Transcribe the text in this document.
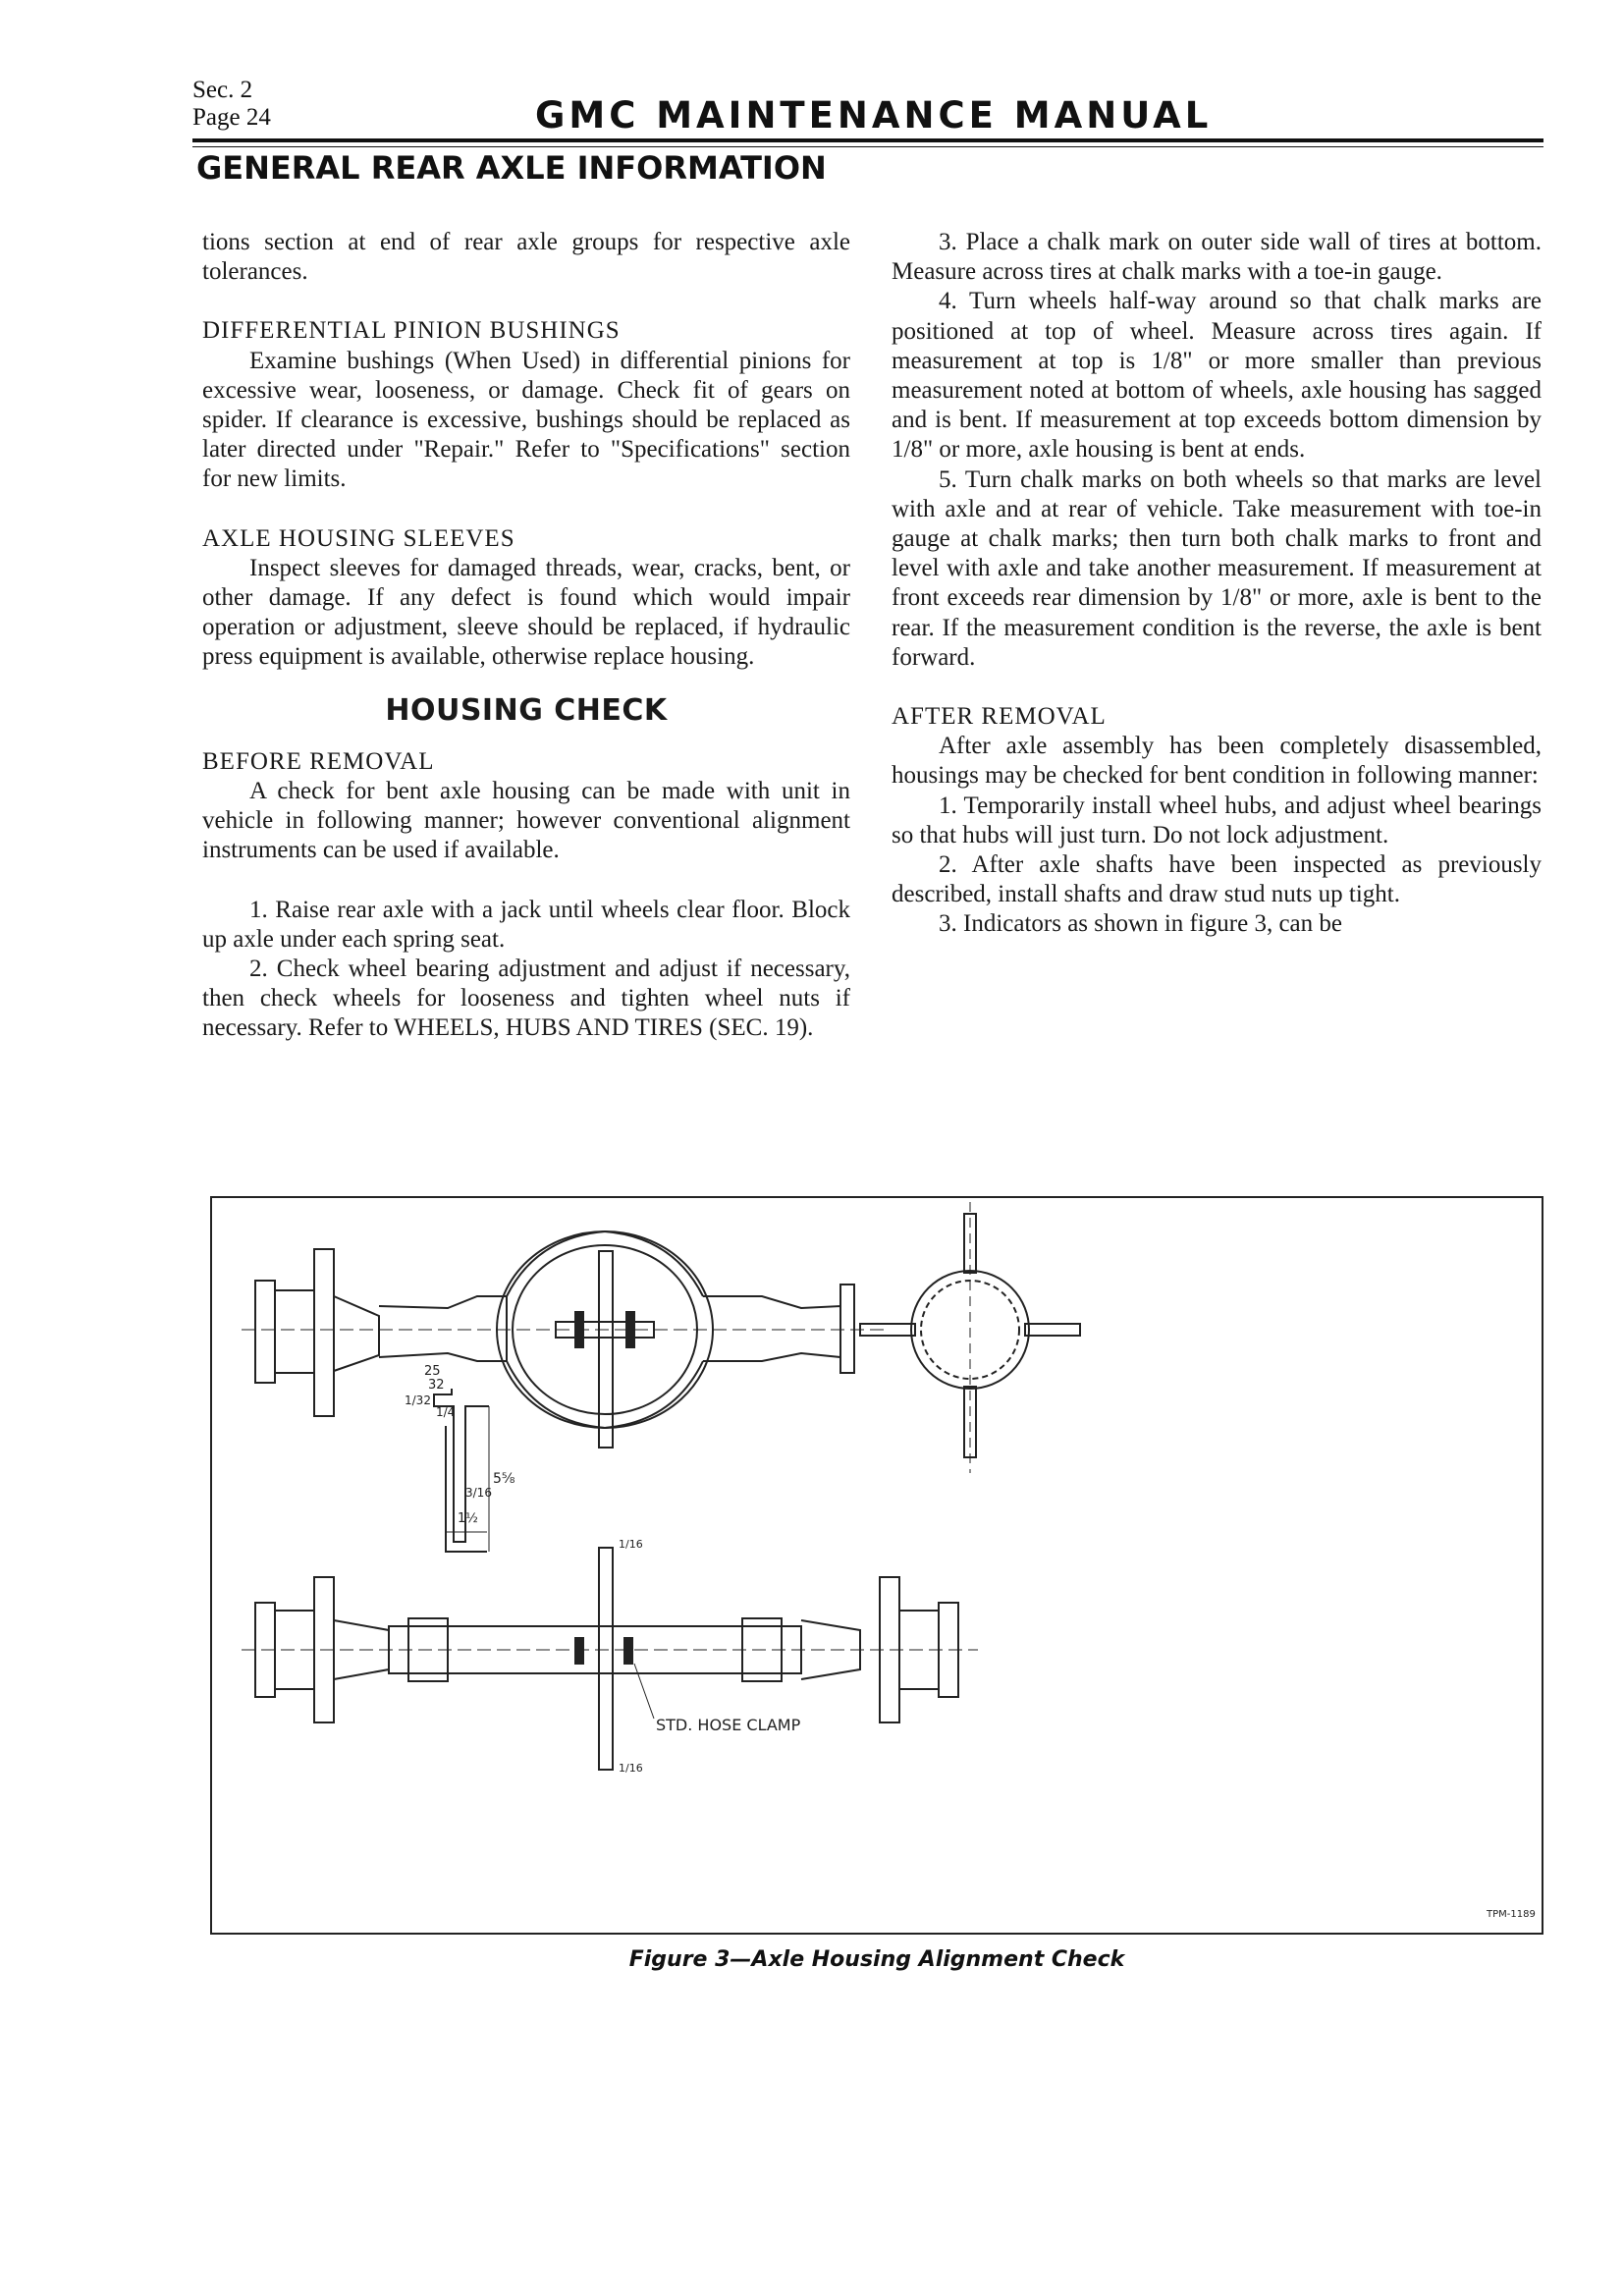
Sec. 2
Page 24	GMC MAINTENANCE MANUAL
GENERAL REAR AXLE INFORMATION

tions section at end of rear axle groups for respective axle tolerances.

DIFFERENTIAL PINION BUSHINGS

Examine bushings (When Used) in differential pinions for excessive wear, looseness, or damage. Check fit of gears on spider. If clearance is excessive, bushings should be replaced as later directed under "Repair." Refer to "Specifications" section for new limits.

AXLE HOUSING SLEEVES

Inspect sleeves for damaged threads, wear, cracks, bent, or other damage. If any defect is found which would impair operation or adjustment, sleeve should be replaced, if hydraulic press equipment is available, otherwise replace housing.

HOUSING CHECK

BEFORE REMOVAL

A check for bent axle housing can be made with unit in vehicle in following manner; however conventional alignment instruments can be used if available.

1. Raise rear axle with a jack until wheels clear floor. Block up axle under each spring seat.

2. Check wheel bearing adjustment and adjust if necessary, then check wheels for looseness and tighten wheel nuts if necessary. Refer to WHEELS, HUBS AND TIRES (SEC. 19).

3. Place a chalk mark on outer side wall of tires at bottom. Measure across tires at chalk marks with a toe-in gauge.

4. Turn wheels half-way around so that chalk marks are positioned at top of wheel. Measure across tires again. If measurement at top is 1/8" or more smaller than previous measurement noted at bottom of wheels, axle housing has sagged and is bent. If measurement at top exceeds bottom dimension by 1/8" or more, axle housing is bent at ends.

5. Turn chalk marks on both wheels so that marks are level with axle and at rear of vehicle. Take measurement with toe-in gauge at chalk marks; then turn both chalk marks to front and level with axle and take another measurement. If measurement at front exceeds rear dimension by 1/8" or more, axle is bent to the rear. If the measurement condition is the reverse, the axle is bent forward.

AFTER REMOVAL

After axle assembly has been completely disassembled, housings may be checked for bent condition in following manner:

1. Temporarily install wheel hubs, and adjust wheel bearings so that hubs will just turn. Do not lock adjustment.

2. After axle shafts have been inspected as previously described, install shafts and draw stud nuts up tight.

3. Indicators as shown in figure 3, can be

25
32
1/32
1/4
3/16
5⅝
1½
STD. HOSE CLAMP
1/16
1/16
TPM-1189
Figure 3—Axle Housing Alignment Check
